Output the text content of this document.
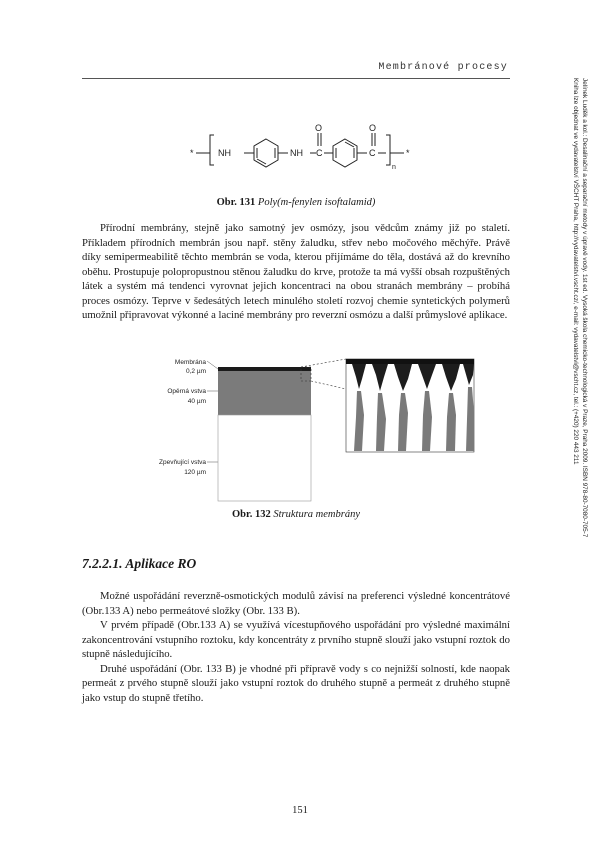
Membránové procesy
Jelínek Luděk a kol.: Desalinační a separační metody v úpravě vody. 1st ed. Vysoká škola chemicko-technologická v Praze, Praha 2009. ISBN 978-80-7080-705-7
Kniha lze objednat ve vydavatelství VŠCHT Praha, http://vydavatelstvi.vscht.cz/, e-mail: vydavatelstvi@vscht.cz, tel.: (+420) 220 443 211
*	NH	NH C
O
C
O
n
*
Obr. 131 Poly(m-fenylen isoftalamid)

Přírodní membrány, stejně jako samotný jev osmózy, jsou vědcům známy již po staletí. Příkladem přírodních membrán jsou např. stěny žaludku, střev nebo močového měchýře. Právě díky semipermeabilitě těchto membrán se voda, kterou přijímáme do těla, dostává až do krevního oběhu. Prostupuje polopropustnou stěnou žaludku do krve, protože ta má vyšší obsah rozpuštěných látek a systém má tendenci vyrovnat jejich koncentraci na obou stranách membrány – probíhá proces osmózy. Teprve v šedesátých letech minulého století rozvoj chemie syntetických polymerů umožnil připravovat výkonné a laciné membrány pro reverzní osmózu a další průmyslové aplikace.

Membrána
0,2 µm
Opěrná vstva
40 µm
Zpevňující vstva
120 µm
Obr. 132 Struktura membrány
7.2.2.1. Aplikace RO

Možné uspořádání reverzně-osmotických modulů závisí na preferenci výsledné koncentrátové (Obr.133 A) nebo permeátové složky (Obr. 133 B).

V prvém případě (Obr.133 A) se využívá vícestupňového uspořádání pro výsledné maximální zakoncentrování vstupního roztoku, kdy koncentráty z prvního stupně slouží jako vstupní roztok do stupně následujícího.

Druhé uspořádání (Obr. 133 B) je vhodné při přípravě vody s co nejnižší solností, kde naopak permeát z prvého stupně slouží jako vstupní roztok do druhého stupně a permeát z druhého stupně jako vstup do stupně třetího.

151
